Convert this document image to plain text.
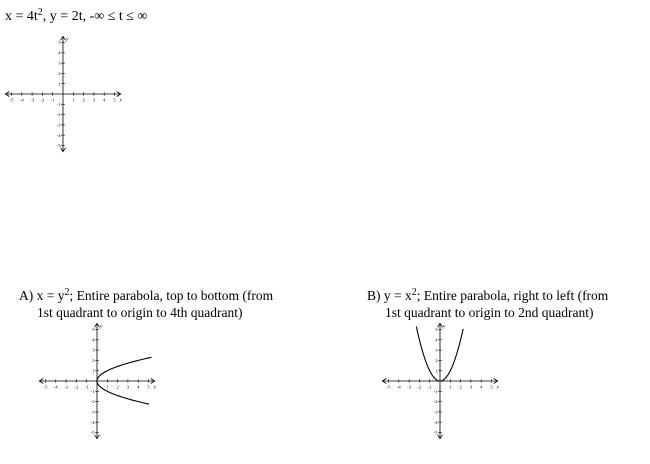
$x = 4t^2$, y = 2t, -∞ ≤ t ≤ ∞
-5 -4 -3 -2 -1	1 2 3 4 5
5
4
3
2
1
-1
-2
-3
-4
-5
y
x
A) $x = y^2$; Entire parabola, top to bottom (from
1st quadrant to origin to 4th quadrant)
-5 -4 -3 -2 -1	1 2 3 4 5
5
4
3
2
1
-1
-2
-3
-4
-5
y
x
B) $y = x^2$; Entire parabola, right to left (from
1st quadrant to origin to 2nd quadrant)
-5 -4 -3 -2 -1	1 2 3 4 5
5
4
3
2
1
-1
-2
-3
-4
-5
y
x
